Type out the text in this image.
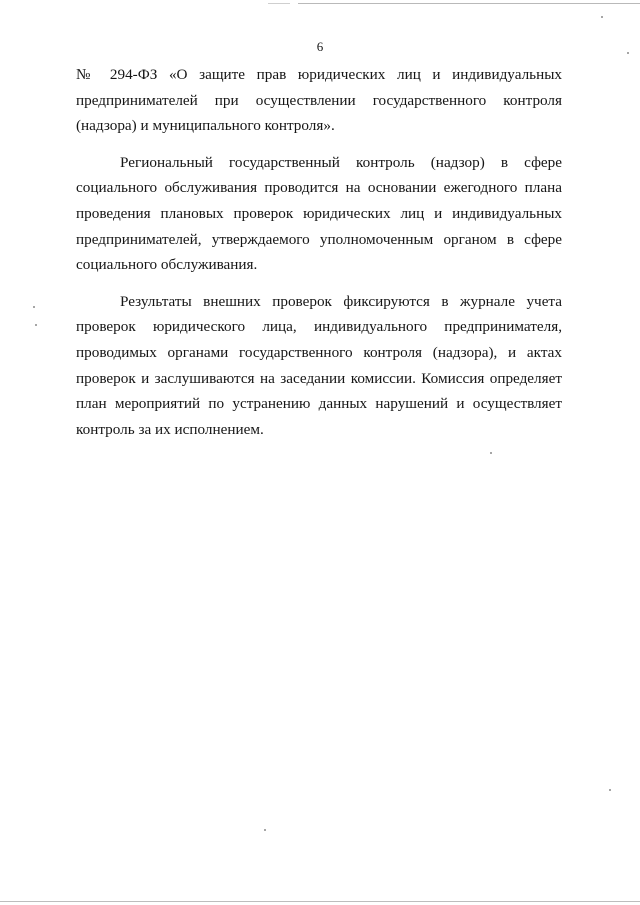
6
№ 294-ФЗ «О защите прав юридических лиц и индивидуальных
предпринимателей при осуществлении государственного контроля
(надзора) и муниципального контроля».
Региональный государственный контроль (надзор) в сфере
социального обслуживания проводится на основании ежегодного плана
проведения плановых проверок юридических лиц и индивидуальных
предпринимателей, утверждаемого уполномоченным органом в сфере
социального обслуживания.
Результаты внешних проверок фиксируются в журнале учета
проверок юридического лица, индивидуального предпринимателя,
проводимых органами государственного контроля (надзора), и актах
проверок и заслушиваются на заседании комиссии. Комиссия определяет
план мероприятий по устранению данных нарушений и осуществляет
контроль за их исполнением.
